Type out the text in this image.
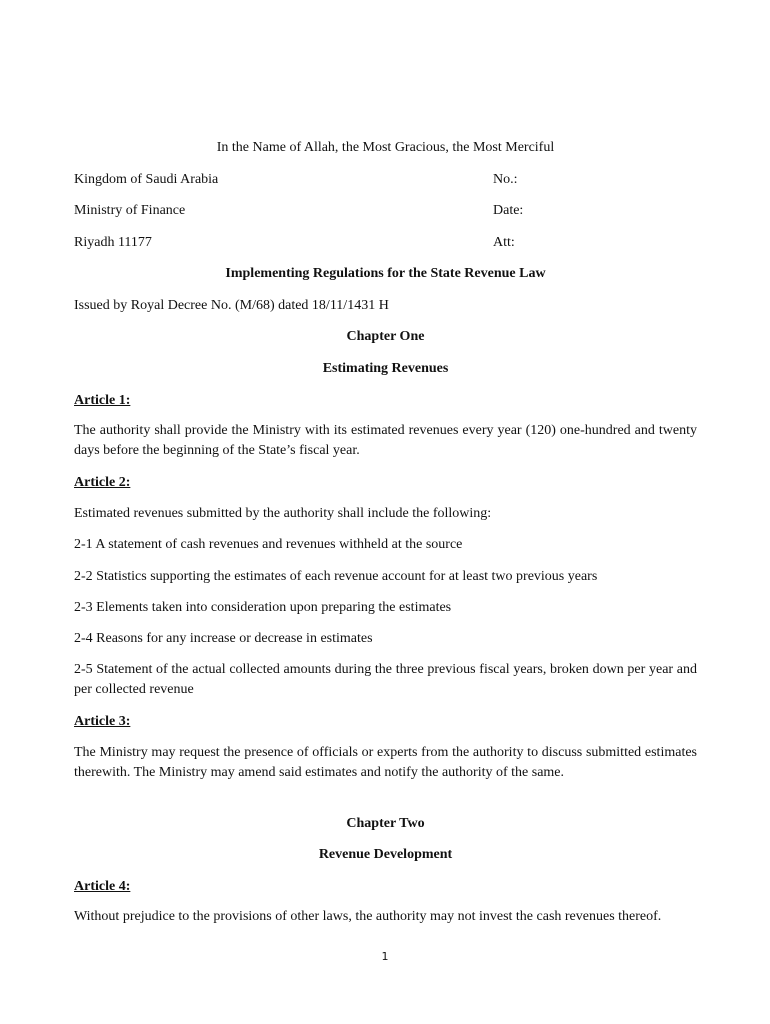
In the Name of Allah, the Most Gracious, the Most Merciful
Kingdom of Saudi Arabia	No.:
Ministry of Finance	Date:
Riyadh 11177	Att:
Implementing Regulations for the State Revenue Law
Issued by Royal Decree No. (M/68) dated 18/11/1431 H
Chapter One
Estimating Revenues
Article 1:
The authority shall provide the Ministry with its estimated revenues every year (120) one-hundred and twenty days before the beginning of the State’s fiscal year.
Article 2:
Estimated revenues submitted by the authority shall include the following:
2-1 A statement of cash revenues and revenues withheld at the source
2-2 Statistics supporting the estimates of each revenue account for at least two previous years
2-3 Elements taken into consideration upon preparing the estimates
2-4 Reasons for any increase or decrease in estimates
2-5 Statement of the actual collected amounts during the three previous fiscal years, broken down per year and per collected revenue
Article 3:
The Ministry may request the presence of officials or experts from the authority to discuss submitted estimates therewith. The Ministry may amend said estimates and notify the authority of the same.
Chapter Two
Revenue Development
Article 4:
Without prejudice to the provisions of other laws, the authority may not invest the cash revenues thereof.
1
